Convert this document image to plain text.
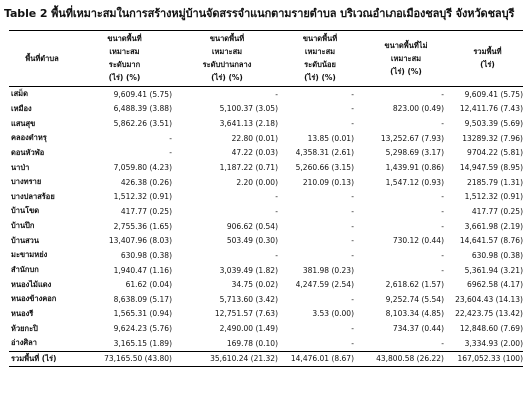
Table 2 พื้นที่เหมาะสมในการสร้างหมู่บ้านจัดสรรจำแนกตามรายตำบล บริเวณอำเภอเมืองชลบุรี จังหวัดชลบุรี
พื้นที่ตำบล	ขนาดพื้นที่
เหมาะสม
ระดับมาก
(ไร่) (%)	ขนาดพื้นที่
เหมาะสม
ระดับปานกลาง
(ไร่) (%)	ขนาดพื้นที่
เหมาะสม
ระดับน้อย
(ไร่) (%)	ขนาดพื้นที่ไม่
เหมาะสม
(ไร่) (%)	รวมพื้นที่
(ไร่)

เสม็ด	9,609.41 (5.75)	-	-	-	9,609.41 (5.75)
เหมือง	6,488.39 (3.88)	5,100.37 (3.05)	-	823.00 (0.49)	12,411.76 (7.43)
แสนสุข	5,862.26 (3.51)	3,641.13 (2.18)	-	-	9,503.39 (5.69)
คลองตำหรุ	-	22.80 (0.01)	13.85 (0.01)	13,252.67 (7.93)	13289.32 (7.96)
ดอนหัวฬ่อ	-	47.22 (0.03)	4,358.31 (2.61)	5,298.69 (3.17)	9704.22 (5.81)
นาป่า	7,059.80 (4.23)	1,187.22 (0.71)	5,260.66 (3.15)	1,439.91 (0.86)	14,947.59 (8.95)
บางทราย	426.38 (0.26)	2.20 (0.00)	210.09 (0.13)	1,547.12 (0.93)	2185.79 (1.31)
บางปลาสร้อย	1,512.32 (0.91)	-	-	-	1,512.32 (0.91)
บ้านโขด	417.77 (0.25)	-	-	-	417.77 (0.25)
บ้านปึก	2,755.36 (1.65)	906.62 (0.54)	-	-	3,661.98 (2.19)
บ้านสวน	13,407.96 (8.03)	503.49 (0.30)	-	730.12 (0.44)	14,641.57 (8.76)
มะขามหย่ง	630.98 (0.38)	-	-	-	630.98 (0.38)
สำนักบก	1,940.47 (1.16)	3,039.49 (1.82)	381.98 (0.23)	-	5,361.94 (3.21)
หนองไม้แดง	61.62 (0.04)	34.75 (0.02)	4,247.59 (2.54)	2,618.62 (1.57)	6962.58 (4.17)
หนองข้างคอก	8,638.09 (5.17)	5,713.60 (3.42)	-	9,252.74 (5.54)	23,604.43 (14.13)
หนองรี	1,565.31 (0.94)	12,751.57 (7.63)	3.53 (0.00)	8,103.34 (4.85)	22,423.75 (13.42)
ห้วยกะปิ	9,624.23 (5.76)	2,490.00 (1.49)	-	734.37 (0.44)	12,848.60 (7.69)
อ่างศิลา	3,165.15 (1.89)	169.78 (0.10)	-	-	3,334.93 (2.00)
รวมพื้นที่ (ไร่)	73,165.50 (43.80)	35,610.24 (21.32)	14,476.01 (8.67)	43,800.58 (26.22)	167,052.33 (100)
